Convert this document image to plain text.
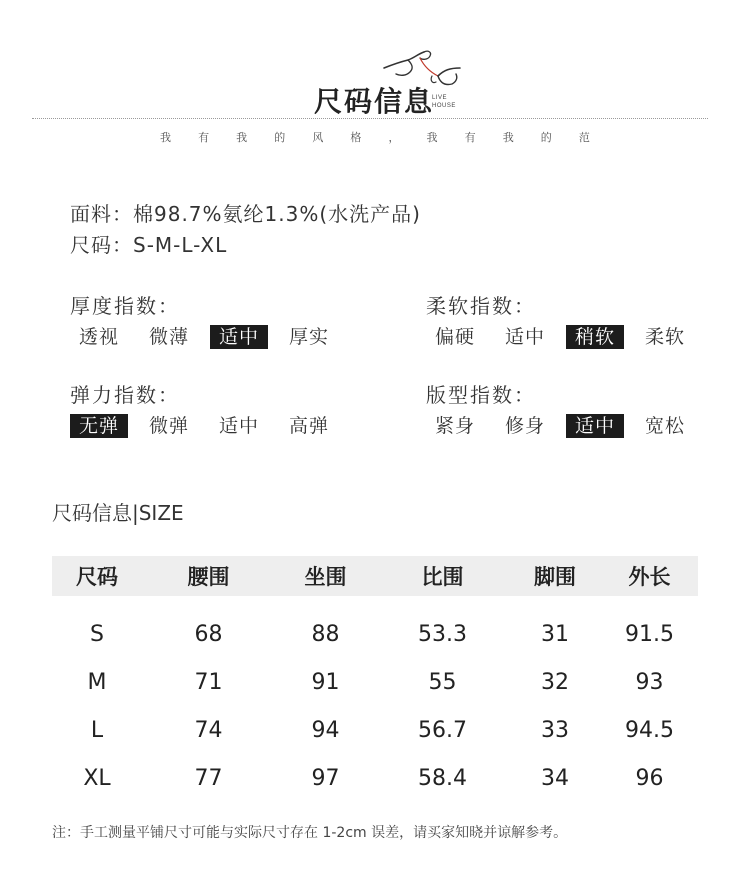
尺码信息
LIVE
HOUSE
我 有 我 的 风 格 ， 我 有 我 的 范
面料：棉98.7%氨纶1.3%(水洗产品)
尺码：S-M-L-XL
厚度指数：
透视	微薄	适中	厚实
柔软指数：
偏硬	适中	稍软	柔软
弹力指数：
无弹	微弹	适中	高弹
版型指数：
紧身	修身	适中	宽松
尺码信息|SIZE
尺码	腰围	坐围	比围	脚围	外长
S	68	88	53.3	31	91.5
M	71	91	55	32	93
L	74	94	56.7	33	94.5
XL	77	97	58.4	34	96
注：手工测量平铺尺寸可能与实际尺寸存在 1-2cm 误差，请买家知晓并谅解参考。
